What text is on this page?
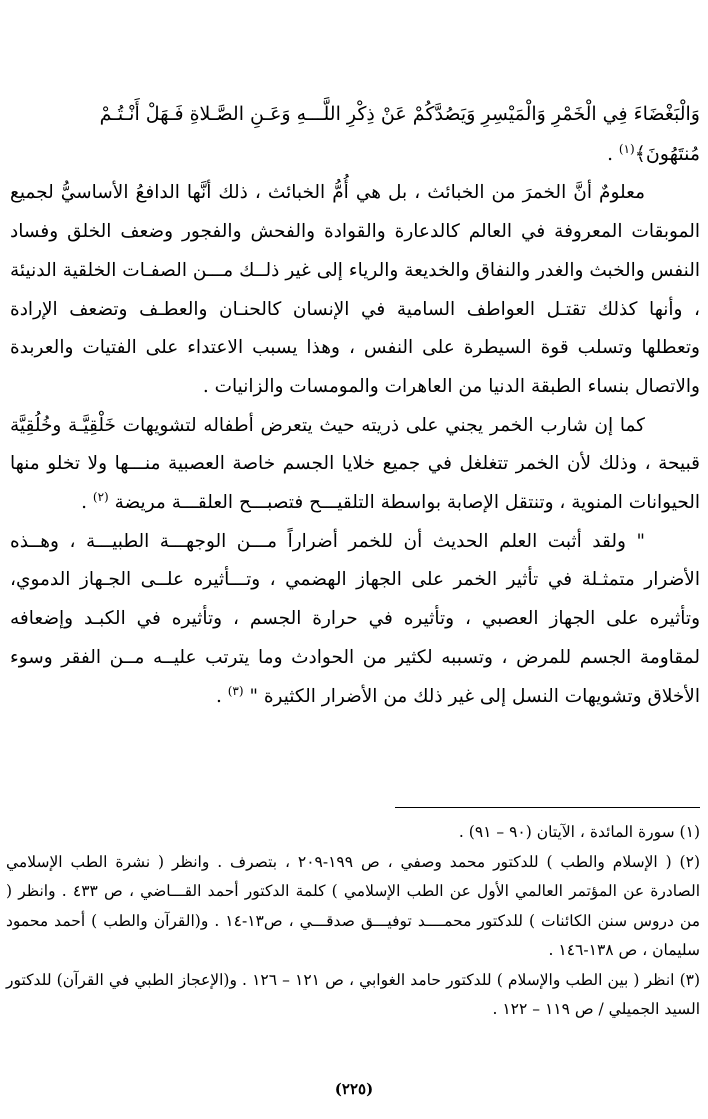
وَالْبَغْضَاءَ فِي الْخَمْرِ وَالْمَيْسِرِ وَيَصُدَّكُمْ عَنْ ذِكْرِ اللَّـــهِ وَعَـنِ الصَّـلاةِ فَـهَلْ أَنْـتُـمْ
مُنتَهُونَ﴾$^{(١)}$ .

معلومٌ أنَّ الخمرَ من الخبائث ، بل هي أُمُّ الخبائث ، ذلك أنَّها الدافعُ الأساسيُّ لجميع الموبقات المعروفة في العالم كالدعارة والقوادة والفحش والفجور وضعف الخلق وفساد النفس والخبث والغدر والنفاق والخديعة والرياء إلى غير ذلــك مـــن الصفـات الخلقية الدنيئة ، وأنها كذلك تقتـل العواطف السامية في الإنسان كالحنـان والعطـف وتضعف الإرادة وتعطلها وتسلب قوة السيطرة على النفس ، وهذا يسبب الاعتداء على الفتيات والعربدة والاتصال بنساء الطبقة الدنيا من العاهرات والمومسات والزانيات .

كما إن شارب الخمر يجني على ذريته حيث يتعرض أطفاله لتشويهات خَلْقِيَّـة وخُلُقِيَّة قبيحة ، وذلك لأن الخمر تتغلغل في جميع خلايا الجسم خاصة العصبية منـــها ولا تخلو منها الحيوانات المنوية ، وتنتقل الإصابة بواسطة التلقيـــح فتصبـــح العلقـــة مريضة $^{(٢)}$ .

" ولقد أثبت العلم الحديث أن للخمر أضراراً مـــن الوجهـــة الطبيـــة ، وهــذه الأضرار متمثـلة في تأثير الخمر على الجهاز الهضمي ، وتـــأثيره علــى الجـهاز الدموي، وتأثيره على الجهاز العصبي ، وتأثيره في حرارة الجسم ، وتأثيره في الكبـد وإضعافه لمقاومة الجسم للمرض ، وتسببه لكثير من الحوادث وما يترتب عليــه مــن الفقر وسوء الأخلاق وتشويهات النسل إلى غير ذلك من الأضرار الكثيرة " $^{(٣)}$ .

(١) سورة المائدة ، الآيتان (٩٠ – ٩١) .

(٢) ( الإسلام والطب ) للدكتور محمد وصفي ، ص ١٩٩-٢٠٩ ، بتصرف . وانظر ( نشرة الطب الإسلامي الصادرة عن المؤتمر العالمي الأول عن الطب الإسلامي ) كلمة الدكتور أحمد القـــاضي ، ص ٤٣٣ . وانظر ( من دروس سنن الكائنات ) للدكتور محمــــد توفيـــق صدقـــي ، ص١٣-١٤ . و(القرآن والطب ) أحمد محمود سليمان ، ص ١٣٨-١٤٦ .

(٣) انظر ( بين الطب والإسلام ) للدكتور حامد الغوابي ، ص ١٢١ – ١٢٦ . و(الإعجاز الطبي في القرآن) للدكتور السيد الجميلي / ص ١١٩ – ١٢٢ .

(٢٢٥)
